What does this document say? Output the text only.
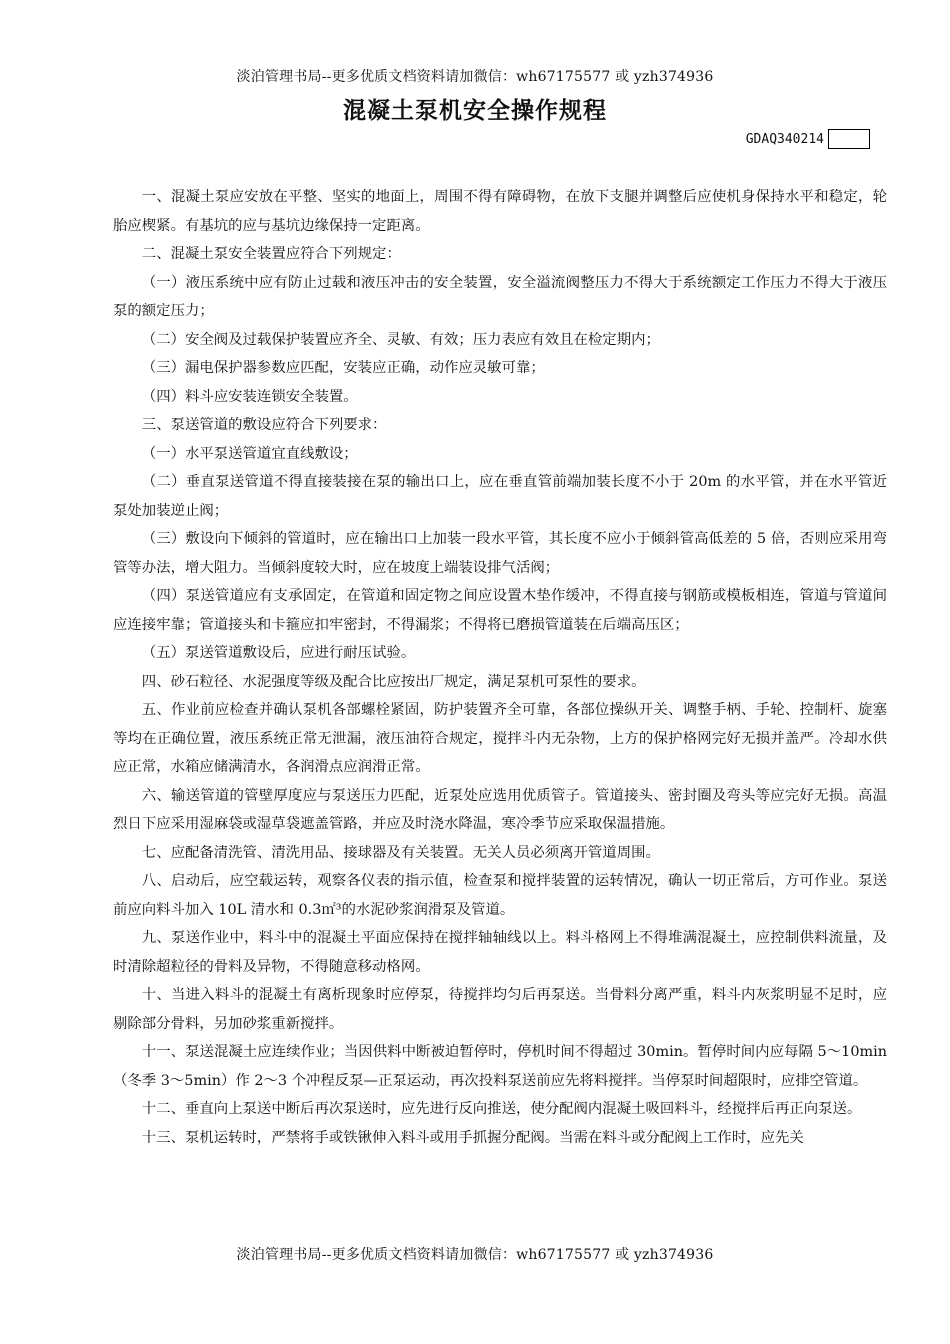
淡泊管理书局--更多优质文档资料请加微信：wh67175577 或 yzh374936
混凝土泵机安全操作规程
GDAQ340214

一、混凝土泵应安放在平整、坚实的地面上，周围不得有障碍物，在放下支腿并调整后应使机身保持水平和稳定，轮胎应楔紧。有基坑的应与基坑边缘保持一定距离。

二、混凝土泵安全装置应符合下列规定：

（一）液压系统中应有防止过载和液压冲击的安全装置，安全溢流阀整压力不得大于系统额定工作压力不得大于液压泵的额定压力；

（二）安全阀及过载保护装置应齐全、灵敏、有效；压力表应有效且在检定期内；

（三）漏电保护器参数应匹配，安装应正确，动作应灵敏可靠；

（四）料斗应安装连锁安全装置。

三、泵送管道的敷设应符合下列要求：

（一）水平泵送管道宜直线敷设；

（二）垂直泵送管道不得直接装接在泵的输出口上，应在垂直管前端加装长度不小于 20m 的水平管，并在水平管近泵处加装逆止阀；

（三）敷设向下倾斜的管道时，应在输出口上加装一段水平管，其长度不应小于倾斜管高低差的 5 倍，否则应采用弯管等办法，增大阻力。当倾斜度较大时，应在坡度上端装设排气活阀；

（四）泵送管道应有支承固定，在管道和固定物之间应设置木垫作缓冲，不得直接与钢筋或模板相连，管道与管道间应连接牢靠；管道接头和卡箍应扣牢密封，不得漏浆；不得将已磨损管道装在后端高压区；

（五）泵送管道敷设后，应进行耐压试验。

四、砂石粒径、水泥强度等级及配合比应按出厂规定，满足泵机可泵性的要求。

五、作业前应检查并确认泵机各部螺栓紧固，防护装置齐全可靠，各部位操纵开关、调整手柄、手轮、控制杆、旋塞等均在正确位置，液压系统正常无泄漏，液压油符合规定，搅拌斗内无杂物，上方的保护格网完好无损并盖严。冷却水供应正常，水箱应储满清水，各润滑点应润滑正常。

六、输送管道的管壁厚度应与泵送压力匹配，近泵处应选用优质管子。管道接头、密封圈及弯头等应完好无损。高温烈日下应采用湿麻袋或湿草袋遮盖管路，并应及时浇水降温，寒冷季节应采取保温措施。

七、应配备清洗管、清洗用品、接球器及有关装置。无关人员必须离开管道周围。

八、启动后，应空载运转，观察各仪表的指示值，检查泵和搅拌装置的运转情况，确认一切正常后，方可作业。泵送前应向料斗加入 10L 清水和 0.3㎡³的水泥砂浆润滑泵及管道。

九、泵送作业中，料斗中的混凝土平面应保持在搅拌轴轴线以上。料斗格网上不得堆满混凝土，应控制供料流量，及时清除超粒径的骨料及异物，不得随意移动格网。

十、当进入料斗的混凝土有离析现象时应停泵，待搅拌均匀后再泵送。当骨料分离严重，料斗内灰浆明显不足时，应剔除部分骨料，另加砂浆重新搅拌。

十一、泵送混凝土应连续作业；当因供料中断被迫暂停时，停机时间不得超过 30min。暂停时间内应每隔 5～10min（冬季 3～5min）作 2～3 个冲程反泵—正泵运动，再次投料泵送前应先将料搅拌。当停泵时间超限时，应排空管道。

十二、垂直向上泵送中断后再次泵送时，应先进行反向推送，使分配阀内混凝土吸回料斗，经搅拌后再正向泵送。

十三、泵机运转时，严禁将手或铁锹伸入料斗或用手抓握分配阀。当需在料斗或分配阀上工作时，应先关

淡泊管理书局--更多优质文档资料请加微信：wh67175577 或 yzh374936
